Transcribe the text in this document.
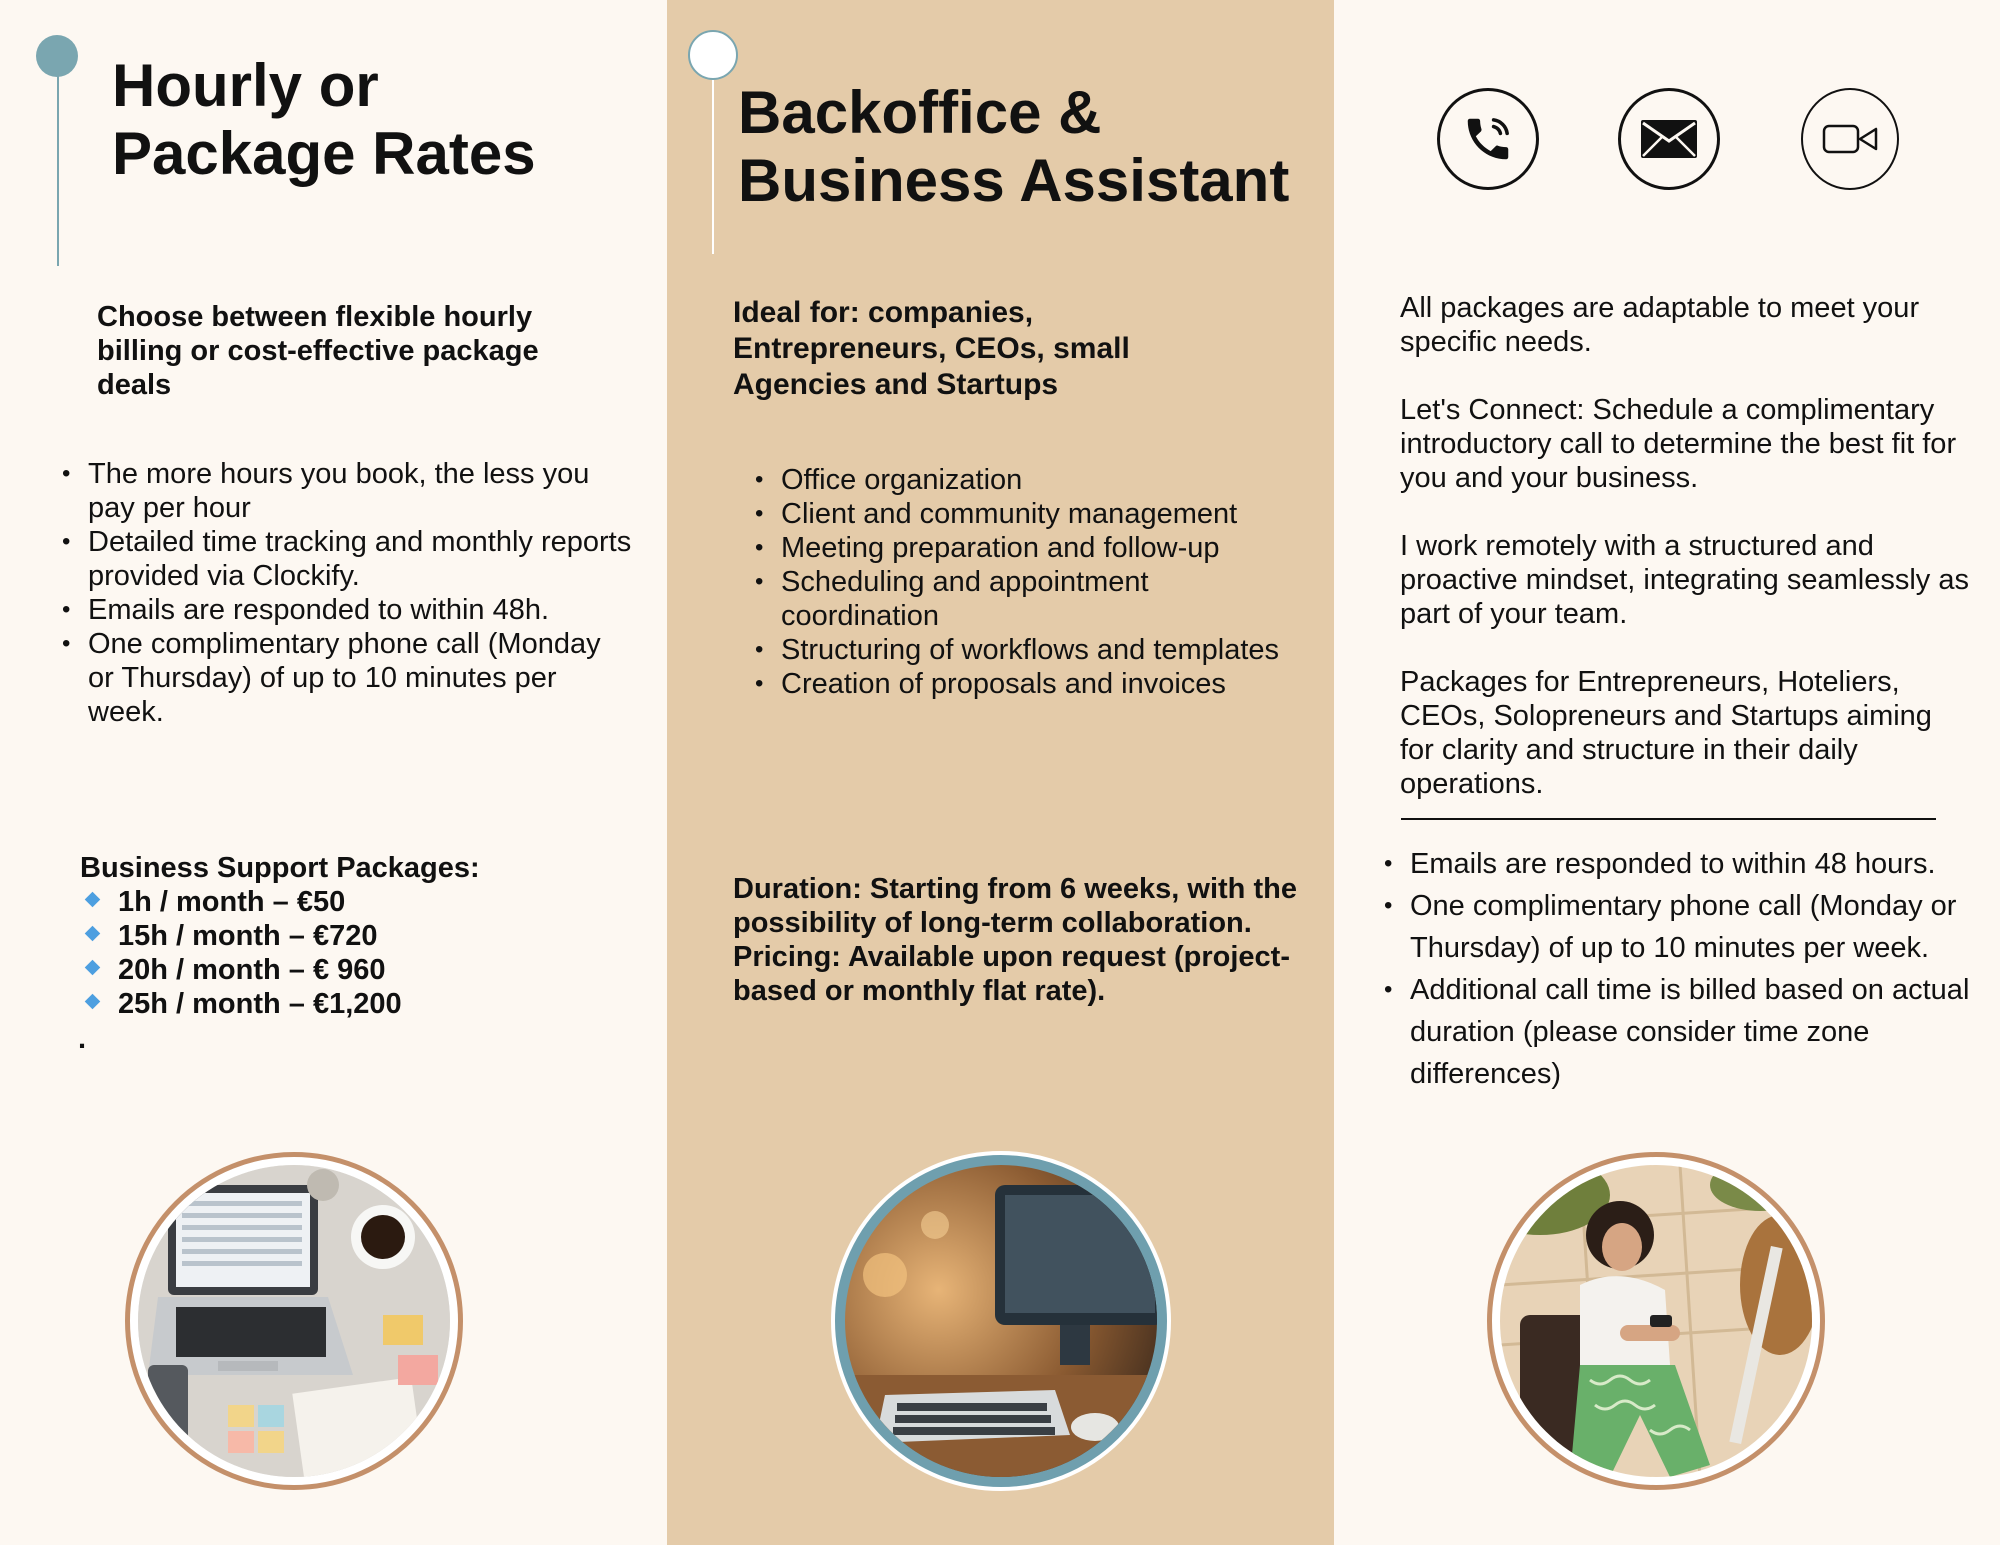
Hourly or
Package Rates

Choose between flexible hourly billing or cost-effective package deals

• The more hours you book, the less you pay per hour
• Detailed time tracking and monthly reports provided via Clockify.
• Emails are responded to within 48h.
• One complimentary phone call (Monday or Thursday) of up to 10 minutes per week.
Business Support Packages:
1h / month – €50
15h / month – €720
20h / month – € 960
25h / month – €1,200
.
Backoffice &
Business Assistant

Ideal for: companies, Entrepreneurs, CEOs, small Agencies and Startups

• Office organization
• Client and community management
• Meeting preparation and follow-up
• Scheduling and appointment coordination
• Structuring of workflows and templates
• Creation of proposals and invoices
Duration: Starting from 6 weeks, with the possibility of long-term collaboration.
Pricing: Available upon request (project-based or monthly flat rate).

All packages are adaptable to meet your specific needs.

Let's Connect: Schedule a complimentary introductory call to determine the best fit for you and your business.

I work remotely with a structured and proactive mindset, integrating seamlessly as part of your team.

Packages for Entrepreneurs, Hoteliers, CEOs, Solopreneurs and Startups aiming for clarity and structure in their daily operations.

• Emails are responded to within 48 hours.
• One complimentary phone call (Monday or Thursday) of up to 10 minutes per week.
• Additional call time is billed based on actual duration (please consider time zone differences)
